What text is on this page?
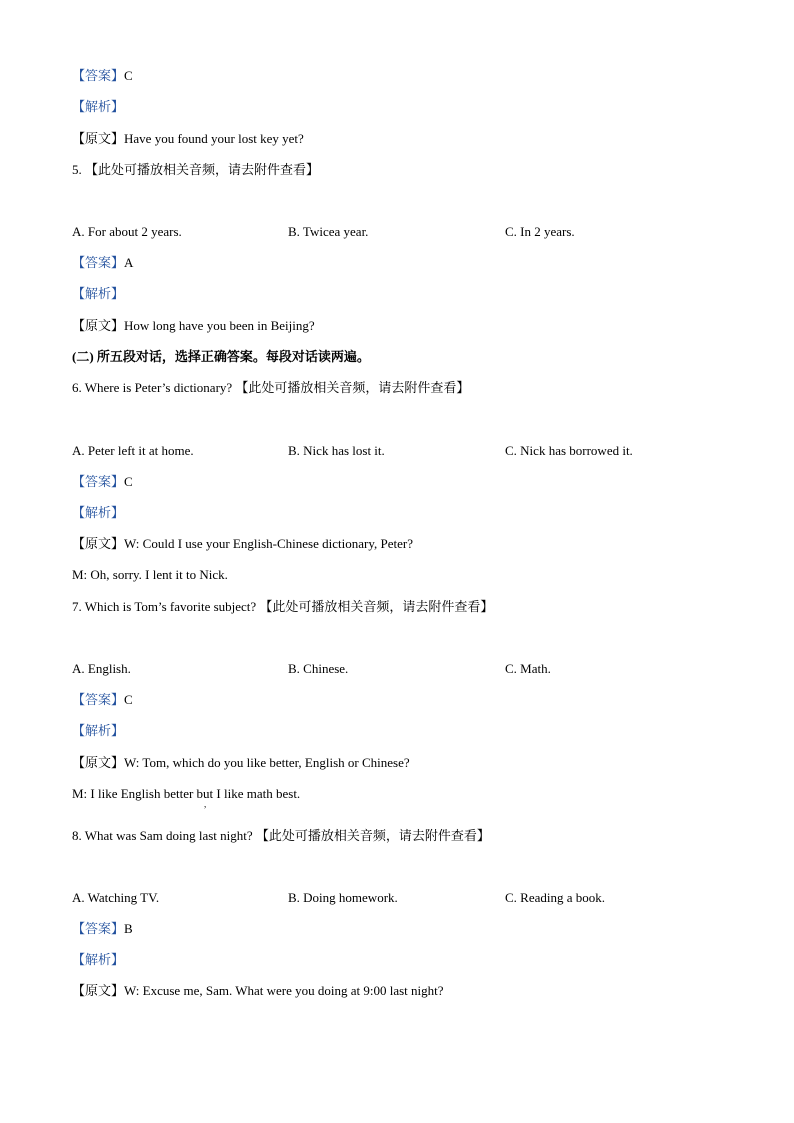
【答案】C
【解析】
【原文】Have you found your lost key yet?
5. 【此处可播放相关音频，请去附件查看】
A. For about 2 years.	B. Twicea year.	C. In 2 years.
【答案】A
【解析】
【原文】How long have you been in Beijing?
(二) 所五段对话，选择正确答案。每段对话读两遍。
6. Where is Peter’s dictionary? 【此处可播放相关音频，请去附件查看】
A. Peter left it at home.	B. Nick has lost it.	C. Nick has borrowed it.
【答案】C
【解析】
【原文】W: Could I use your English-Chinese dictionary, Peter?
M: Oh, sorry. I lent it to Nick.
7. Which is Tom’s favorite subject? 【此处可播放相关音频，请去附件查看】
A. English.	B. Chinese.	C. Math.
【答案】C
【解析】
【原文】W: Tom, which do you like better, English or Chinese?
M: I like English better but I like math best.
,
8. What was Sam doing last night? 【此处可播放相关音频，请去附件查看】
A. Watching TV.	B. Doing homework.	C. Reading a book.
【答案】B
【解析】
【原文】W: Excuse me, Sam. What were you doing at 9:00 last night?
